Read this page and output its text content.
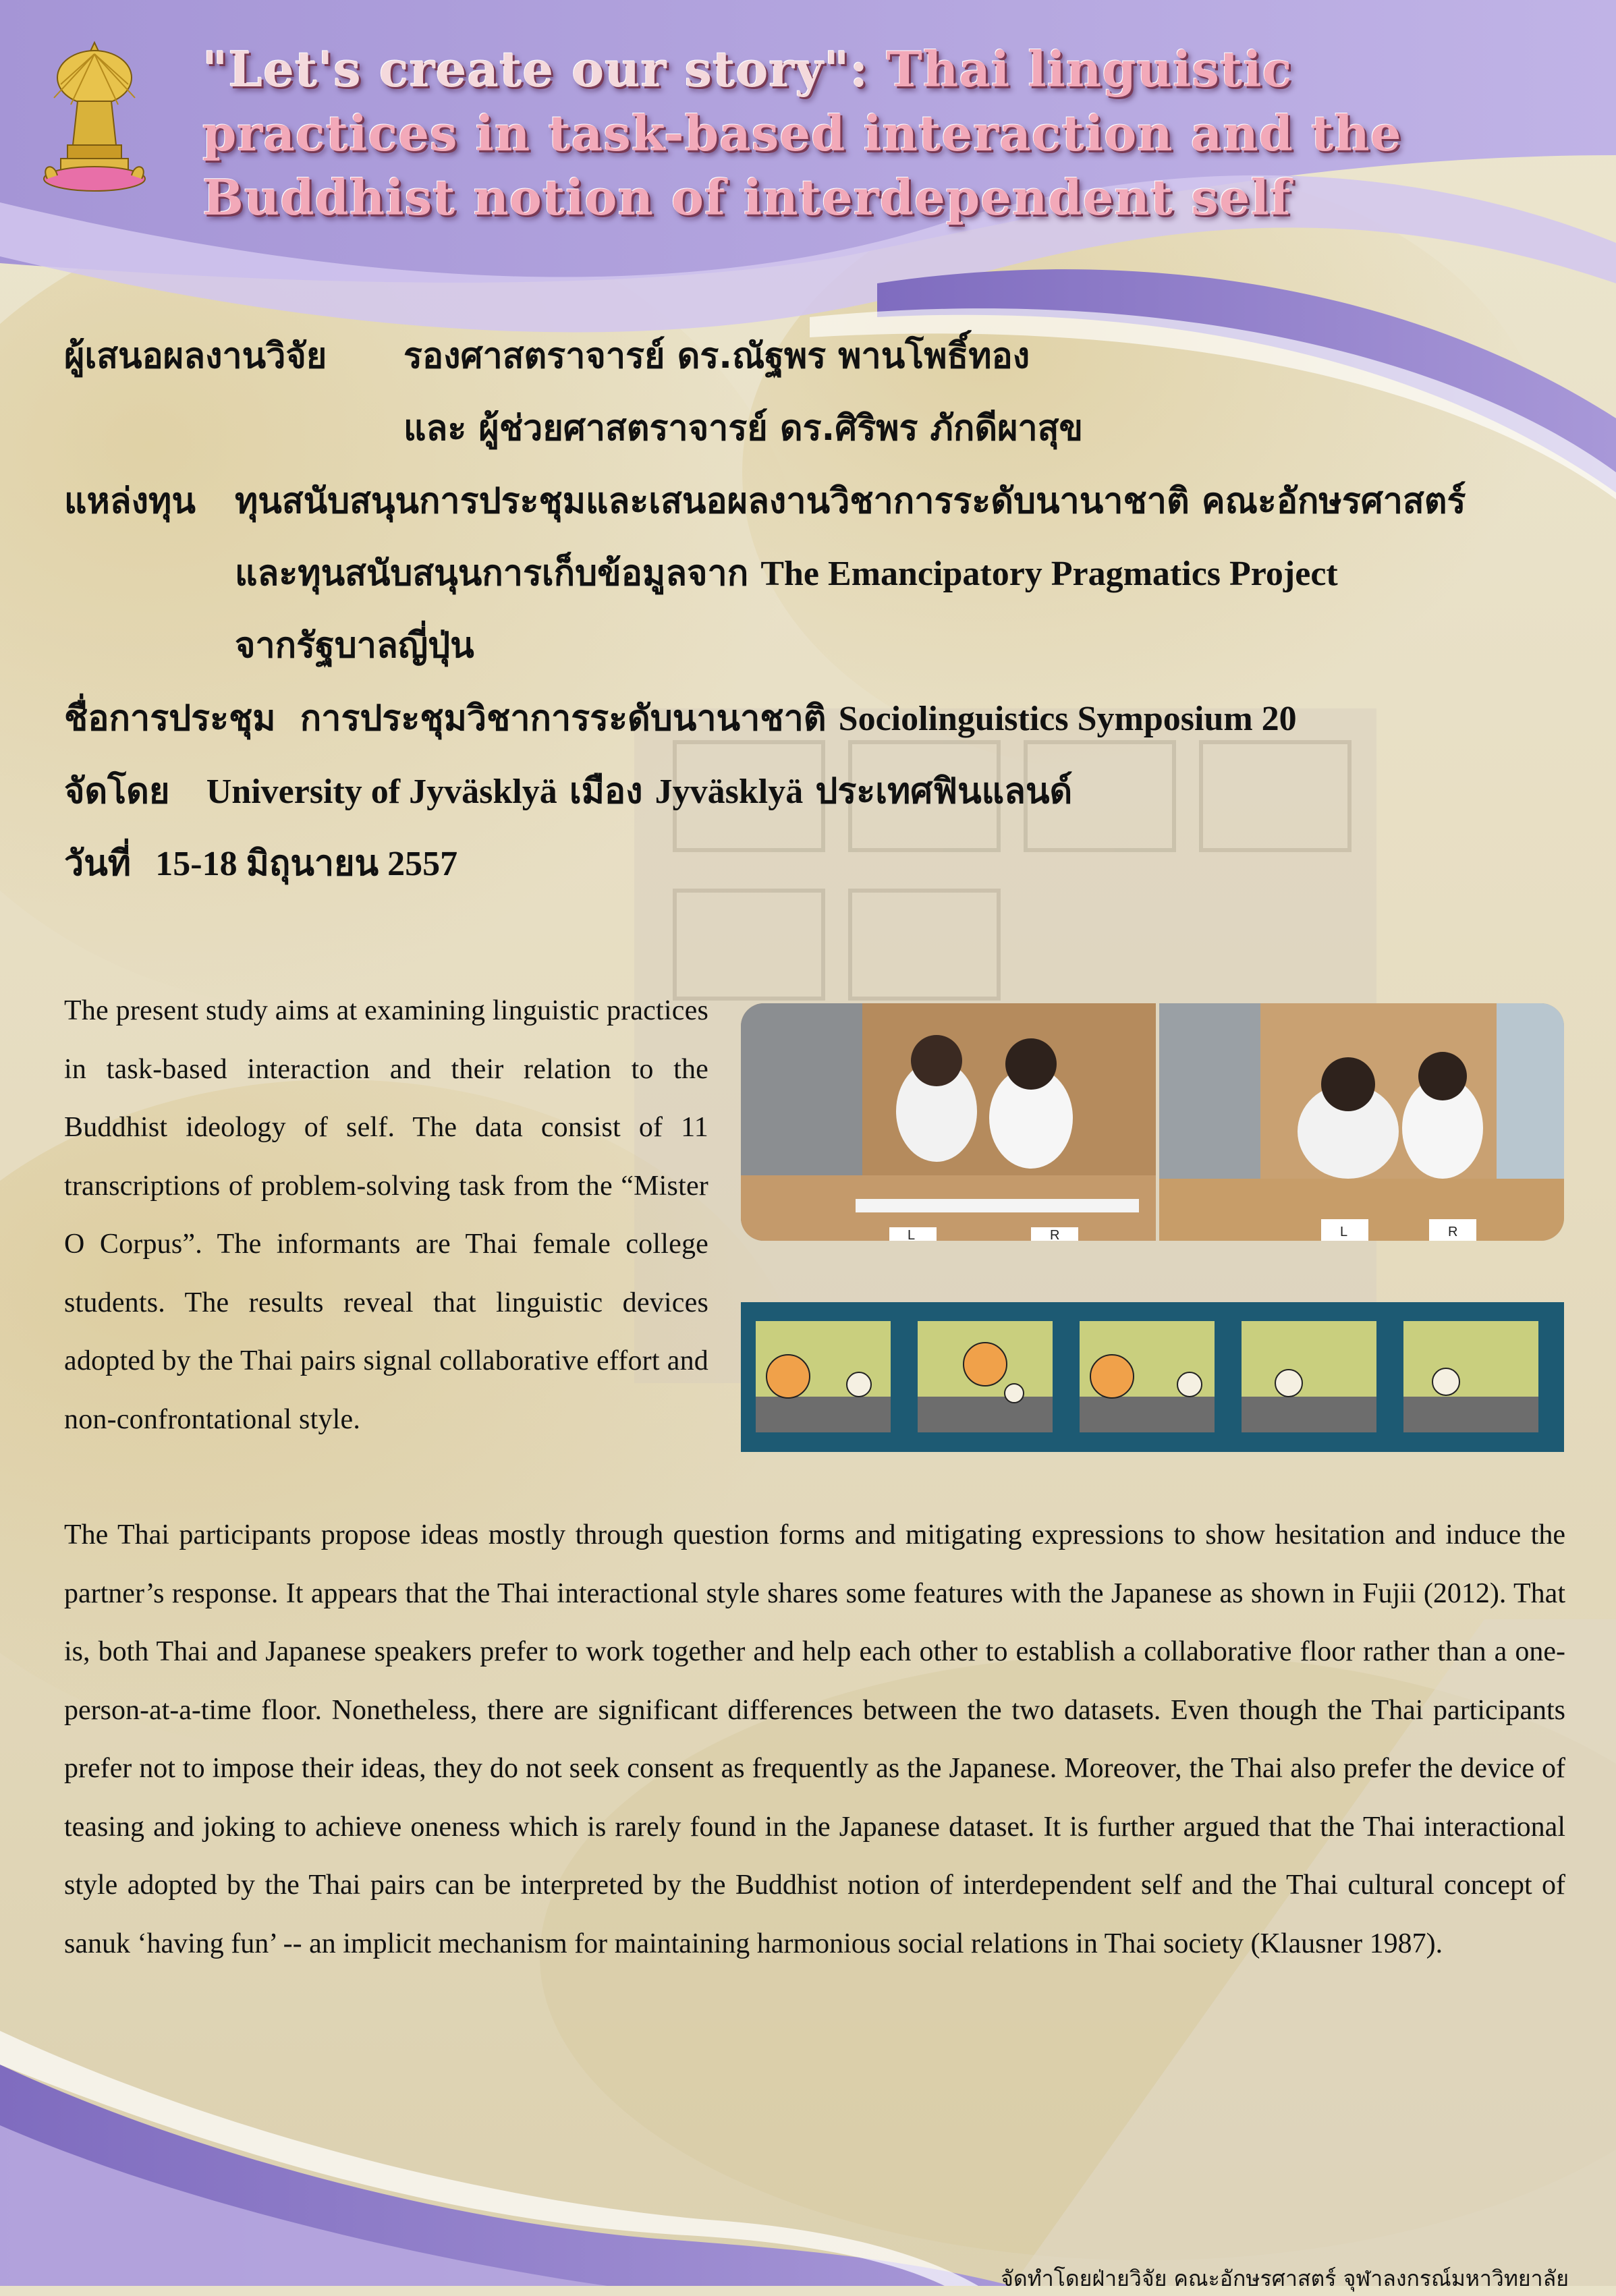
"Let's create our story": Thai linguistic practices in task-based interaction and the Buddhist notion of interdependent self
ผู้เสนอผลงานวิจัย รองศาสตราจารย์ ดร.ณัฐพร พานโพธิ์ทอง
และ ผู้ช่วยศาสตราจารย์ ดร.ศิริพร ภักดีผาสุข
แหล่งทุน ทุนสนับสนุนการประชุมและเสนอผลงานวิชาการระดับนานาชาติ คณะอักษรศาสตร์
และทุนสนับสนุนการเก็บข้อมูลจาก The Emancipatory Pragmatics Project
จากรัฐบาลญี่ปุ่น
ชื่อการประชุม การประชุมวิชาการระดับนานาชาติ Sociolinguistics Symposium 20
จัดโดย University of Jyväsklyä เมือง Jyväsklyä ประเทศฟินแลนด์
วันที่ 15-18 มิถุนายน 2557
The present study aims at examining linguistic practices in task-based interaction and their relation to the Buddhist ideology of self. The data consist of 11 transcriptions of problem-solving task from the “Mister O Corpus”. The informants are Thai female college students. The results reveal that linguistic devices adopted by the Thai pairs signal collaborative effort and non-confrontational style.
L	R	L	R
The Thai participants propose ideas mostly through question forms and mitigating expressions to show hesitation and induce the partner’s response. It appears that the Thai interactional style shares some features with the Japanese as shown in Fujii (2012). That is, both Thai and Japanese speakers prefer to work together and help each other to establish a collaborative floor rather than a one-person-at-a-time floor. Nonetheless, there are significant differences between the two datasets. Even though the Thai participants prefer not to impose their ideas, they do not seek consent as frequently as the Japanese. Moreover, the Thai also prefer the device of teasing and joking to achieve oneness which is rarely found in the Japanese dataset. It is further argued that the Thai interactional style adopted by the Thai pairs can be interpreted by the Buddhist notion of interdependent self and the Thai cultural concept of sanuk ‘having fun’ -- an implicit mechanism for maintaining harmonious social relations in Thai society (Klausner 1987).
จัดทำโดยฝ่ายวิจัย คณะอักษรศาสตร์ จุฬาลงกรณ์มหาวิทยาลัย
